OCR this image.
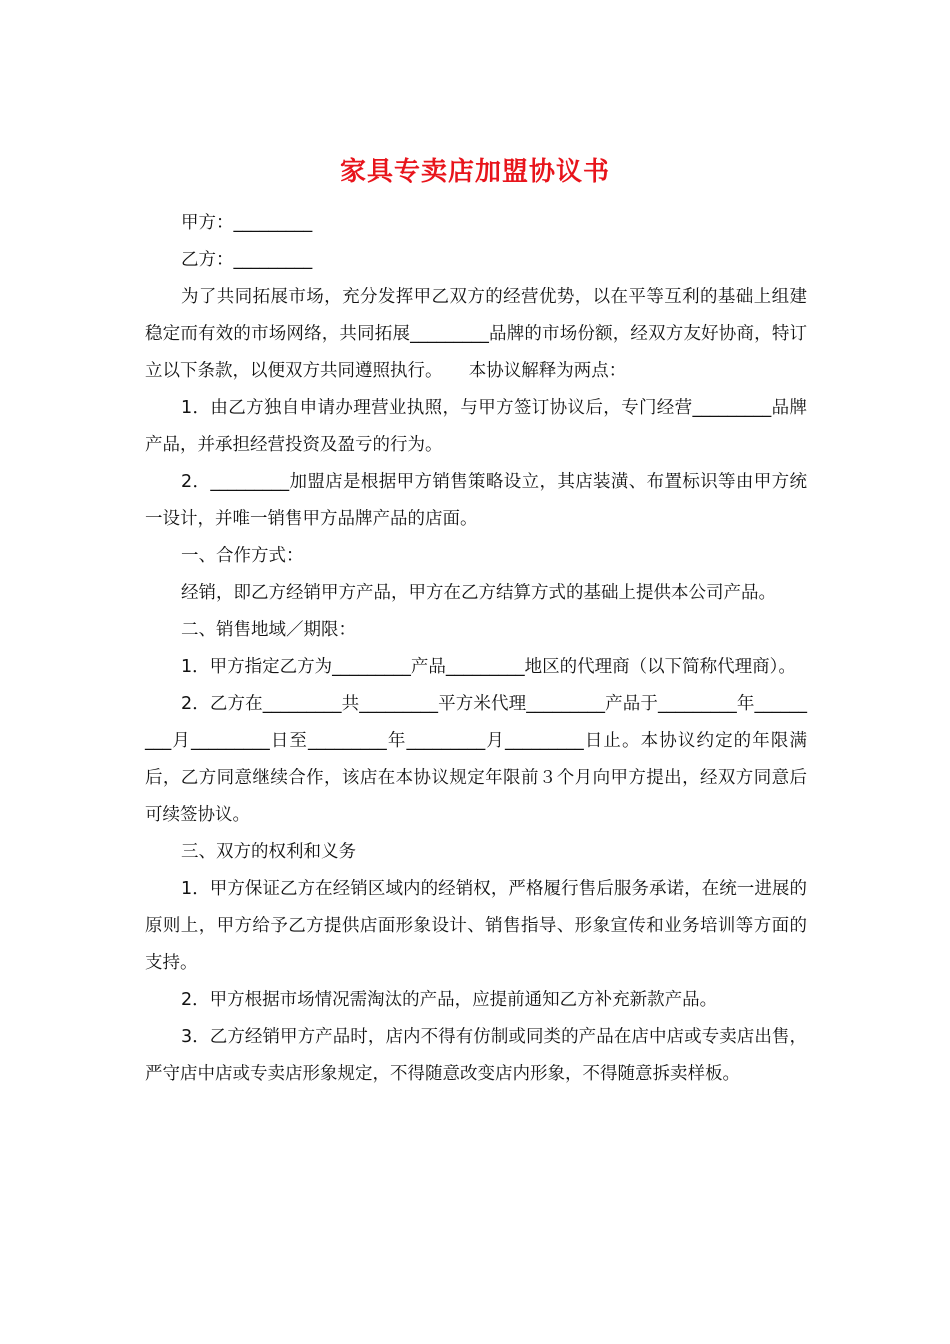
家具专卖店加盟协议书

甲方：_________

乙方：_________

为了共同拓展市场，充分发挥甲乙双方的经营优势，以在平等互利的基础上组建稳定而有效的市场网络，共同拓展_________品牌的市场份额，经双方友好协商，特订立以下条款，以便双方共同遵照执行。　　本协议解释为两点：

1．由乙方独自申请办理营业执照，与甲方签订协议后，专门经营_________品牌产品，并承担经营投资及盈亏的行为。

2．_________加盟店是根据甲方销售策略设立，其店装潢、布置标识等由甲方统一设计，并唯一销售甲方品牌产品的店面。

一、合作方式：

经销，即乙方经销甲方产品，甲方在乙方结算方式的基础上提供本公司产品。

二、销售地域／期限：

1．甲方指定乙方为_________产品_________地区的代理商（以下简称代理商）。

2．乙方在_________共_________平方米代理_________产品于_________年_________月_________日至_________年_________月_________日止。本协议约定的年限满后，乙方同意继续合作，该店在本协议规定年限前３个月向甲方提出，经双方同意后可续签协议。

三、双方的权利和义务

1．甲方保证乙方在经销区域内的经销权，严格履行售后服务承诺，在统一进展的原则上，甲方给予乙方提供店面形象设计、销售指导、形象宣传和业务培训等方面的支持。

2．甲方根据市场情况需淘汰的产品，应提前通知乙方补充新款产品。

3．乙方经销甲方产品时，店内不得有仿制或同类的产品在店中店或专卖店出售，严守店中店或专卖店形象规定，不得随意改变店内形象，不得随意拆卖样板。
